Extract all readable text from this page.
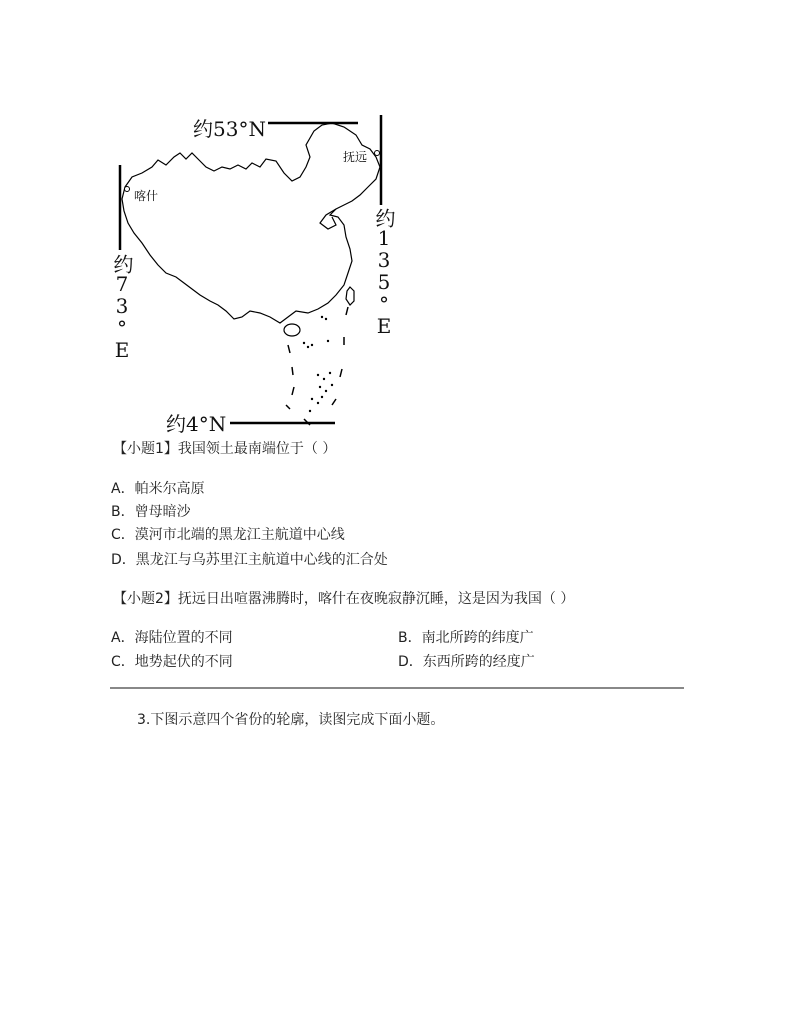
约53°N
约4°N
约73°E	约135°E
喀什
抚远
【小题1】我国领土最南端位于（ ）
A．帕米尔高原
B．曾母暗沙
C．漠河市北端的黑龙江主航道中心线
D．黑龙江与乌苏里江主航道中心线的汇合处
【小题2】抚远日出喧嚣沸腾时，喀什在夜晚寂静沉睡，这是因为我国（ ）
A．海陆位置的不同	B．南北所跨的纬度广
C．地势起伏的不同	D．东西所跨的经度广
3.下图示意四个省份的轮廓，读图完成下面小题。
